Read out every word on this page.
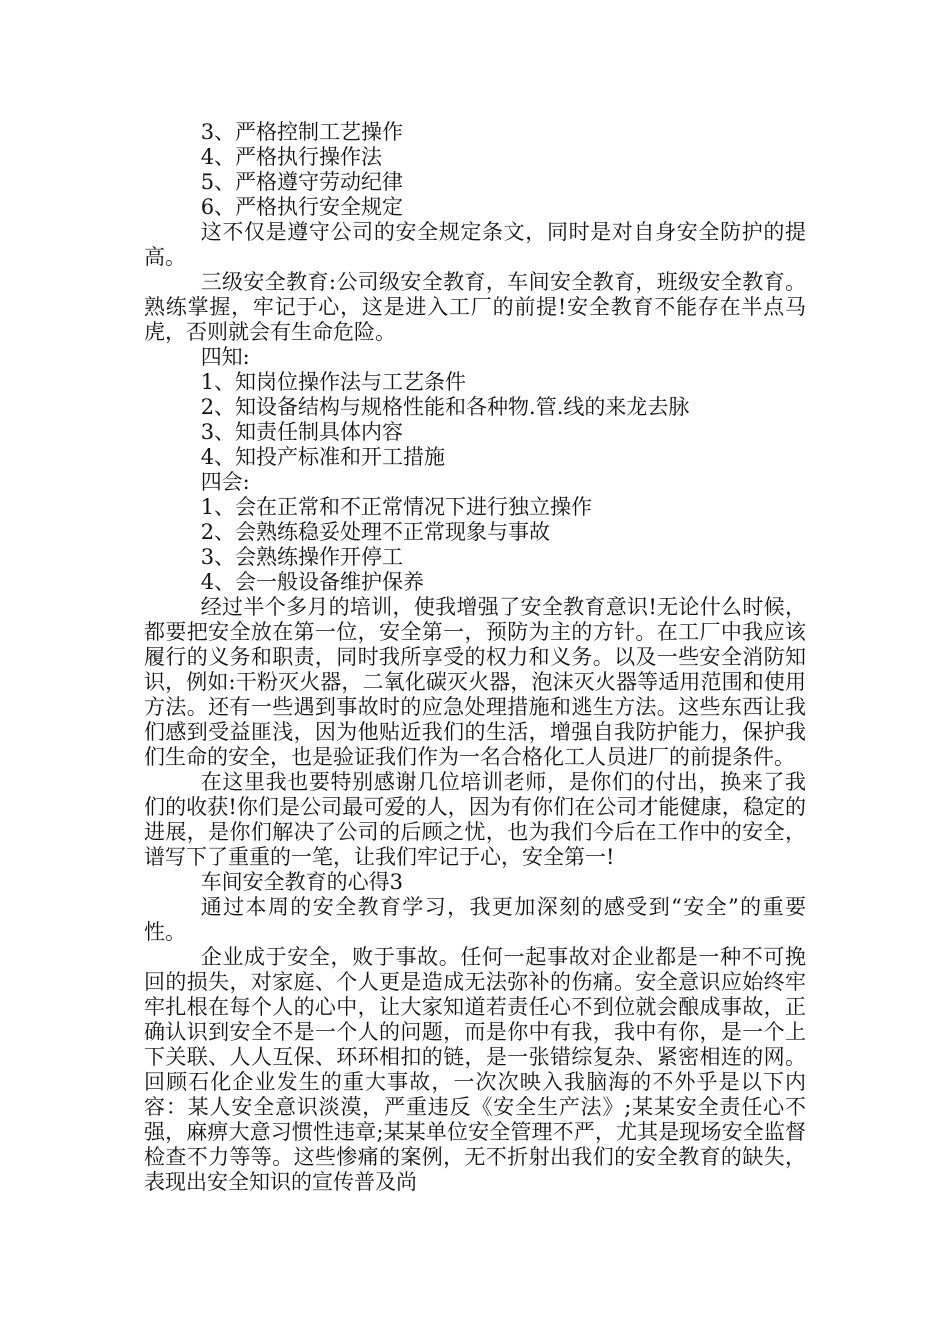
3、严格控制工艺操作

4、严格执行操作法

5、严格遵守劳动纪律

6、严格执行安全规定

这不仅是遵守公司的安全规定条文，同时是对自身安全防护的提高。

三级安全教育:公司级安全教育，车间安全教育，班级安全教育。熟练掌握，牢记于心，这是进入工厂的前提!安全教育不能存在半点马虎，否则就会有生命危险。

四知:

1、知岗位操作法与工艺条件

2、知设备结构与规格性能和各种物.管.线的来龙去脉

3、知责任制具体内容

4、知投产标准和开工措施

四会:

1、会在正常和不正常情况下进行独立操作

2、会熟练稳妥处理不正常现象与事故

3、会熟练操作开停工

4、会一般设备维护保养

经过半个多月的培训，使我增强了安全教育意识!无论什么时候，都要把安全放在第一位，安全第一，预防为主的方针。在工厂中我应该履行的义务和职责，同时我所享受的权力和义务。以及一些安全消防知识，例如:干粉灭火器，二氧化碳灭火器，泡沫灭火器等适用范围和使用方法。还有一些遇到事故时的应急处理措施和逃生方法。这些东西让我们感到受益匪浅，因为他贴近我们的生活，增强自我防护能力，保护我们生命的安全，也是验证我们作为一名合格化工人员进厂的前提条件。

在这里我也要特别感谢几位培训老师，是你们的付出，换来了我们的收获!你们是公司最可爱的人，因为有你们在公司才能健康，稳定的进展，是你们解决了公司的后顾之忧，也为我们今后在工作中的安全，谱写下了重重的一笔，让我们牢记于心，安全第一!

车间安全教育的心得3

通过本周的安全教育学习，我更加深刻的感受到“安全”的重要性。

企业成于安全，败于事故。任何一起事故对企业都是一种不可挽回的损失，对家庭、个人更是造成无法弥补的伤痛。安全意识应始终牢牢扎根在每个人的心中，让大家知道若责任心不到位就会酿成事故，正确认识到安全不是一个人的问题，而是你中有我，我中有你，是一个上下关联、人人互保、环环相扣的链，是一张错综复杂、紧密相连的网。回顾石化企业发生的重大事故，一次次映入我脑海的不外乎是以下内容：某人安全意识淡漠，严重违反《安全生产法》;某某安全责任心不强，麻痹大意习惯性违章;某某单位安全管理不严，尤其是现场安全监督检查不力等等。这些惨痛的案例，无不折射出我们的安全教育的缺失，表现出安全知识的宣传普及尚
